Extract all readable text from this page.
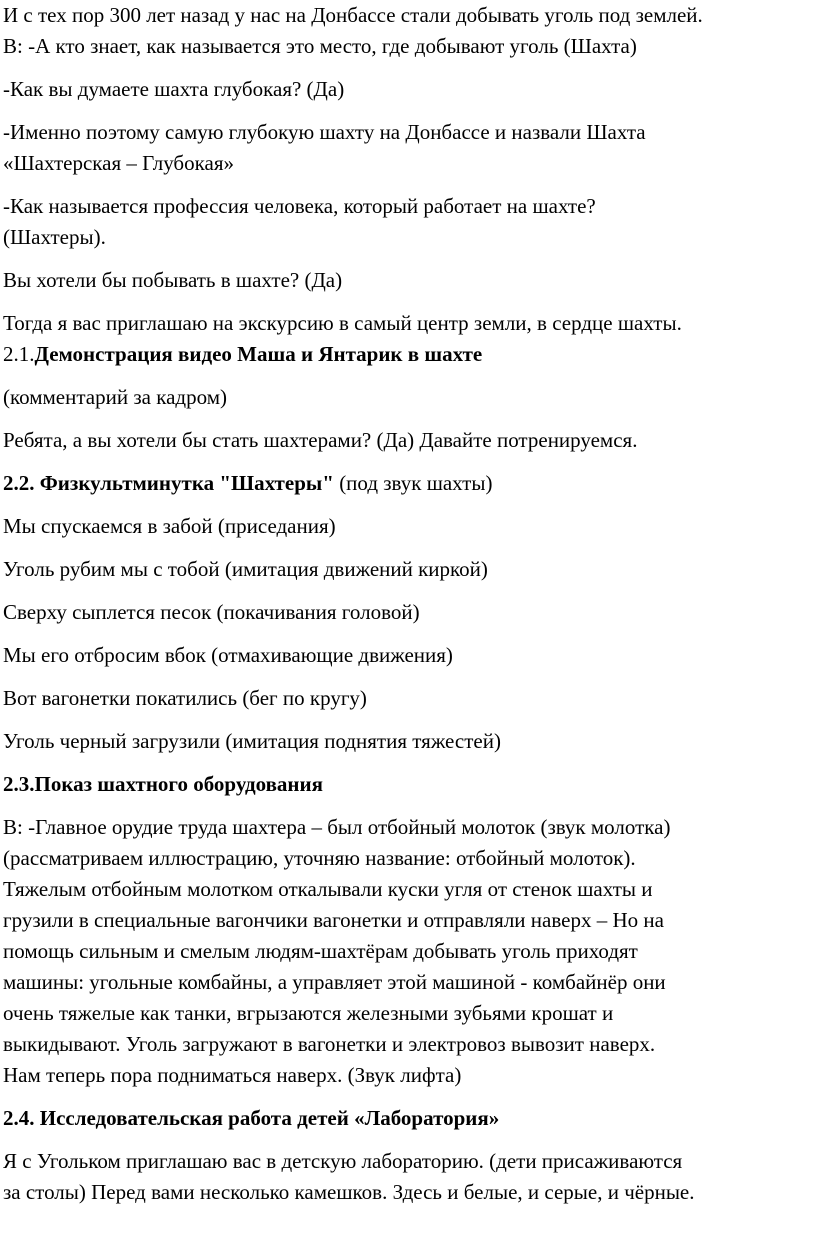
И с тех пор 300 лет назад у нас на Донбассе стали добывать уголь под землей.
В: -А кто знает, как называется это место, где добывают уголь (Шахта)
-Как вы думаете шахта глубокая? (Да)
-Именно поэтому самую глубокую шахту на Донбассе и назвали Шахта
«Шахтерская – Глубокая»
-Как называется профессия человека, который работает на шахте?
(Шахтеры).
Вы хотели бы побывать в шахте? (Да)
Тогда я вас приглашаю на экскурсию в самый центр земли, в сердце шахты.
2.1.Демонстрация видео Маша и Янтарик в шахте
(комментарий за кадром)
Ребята, а вы хотели бы стать шахтерами? (Да) Давайте потренируемся.
2.2. Физкультминутка "Шахтеры" (под звук шахты)
Мы спускаемся в забой (приседания)
Уголь рубим мы с тобой (имитация движений киркой)
Сверху сыплется песок (покачивания головой)
Мы его отбросим вбок (отмахивающие движения)
Вот вагонетки покатились (бег по кругу)
Уголь черный загрузили (имитация поднятия тяжестей)
2.3.Показ шахтного оборудования
В: -Главное орудие труда шахтера – был отбойный молоток (звук молотка)
(рассматриваем иллюстрацию, уточняю название: отбойный молоток).
Тяжелым отбойным молотком откалывали куски угля от стенок шахты и
грузили в специальные вагончики вагонетки и отправляли наверх – Но на
помощь сильным и смелым людям-шахтёрам добывать уголь приходят
машины: угольные комбайны, а управляет этой машиной - комбайнёр они
очень тяжелые как танки, вгрызаются железными зубьями крошат и
выкидывают. Уголь загружают в вагонетки и электровоз вывозит наверх.
Нам теперь пора подниматься наверх. (Звук лифта)
2.4. Исследовательская работа детей «Лаборатория»
Я с Угольком приглашаю вас в детскую лабораторию. (дети присаживаются
за столы) Перед вами несколько камешков. Здесь и белые, и серые, и чёрные.
